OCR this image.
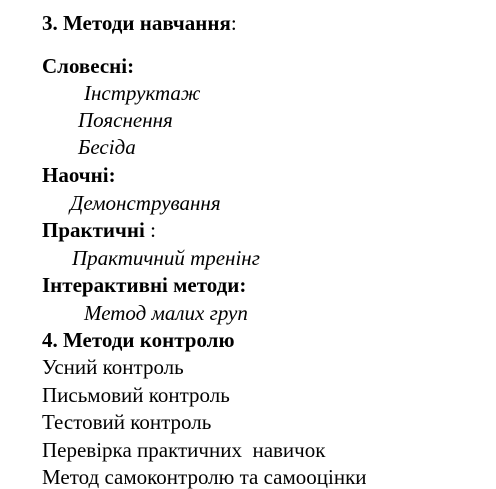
3. Методи навчання:
Словесні:
Інструктаж
Пояснення
Бесіда
Наочні:
Демонстрування
Практичні :
Практичний тренінг
Інтерактивні методи:
Метод малих груп
4. Методи контролю
Усний контроль
Письмовий контроль
Тестовий контроль
Перевірка практичних  навичок
Метод самоконтролю та самооцінки
